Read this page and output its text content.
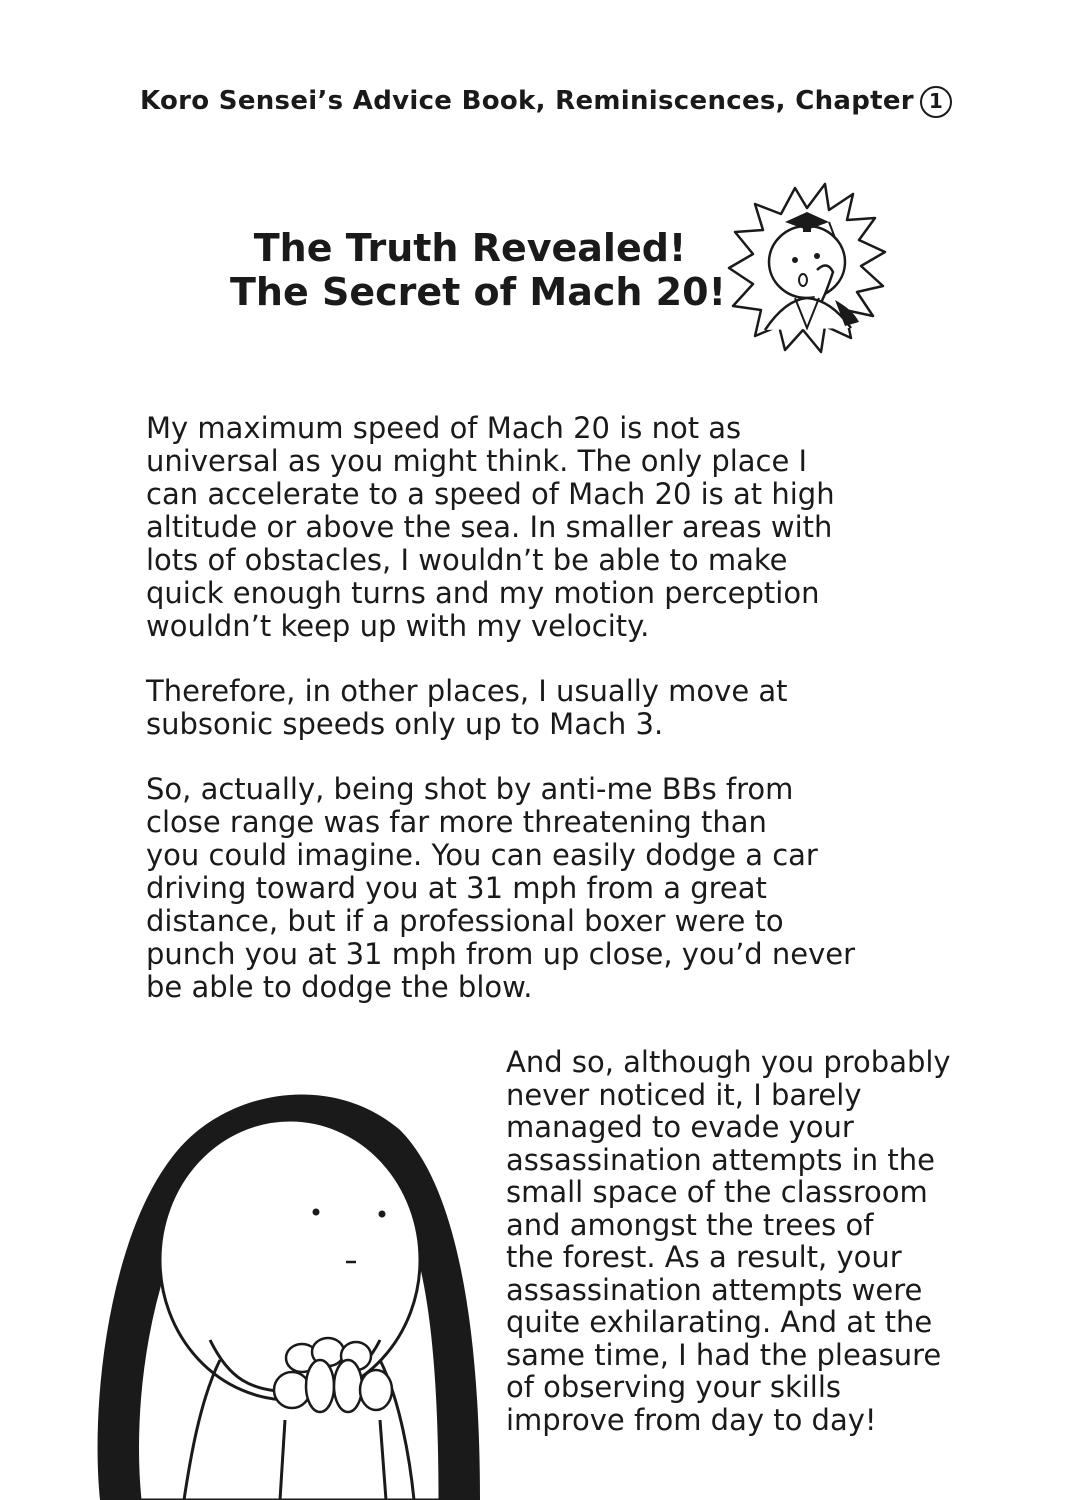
Koro Sensei’s Advice Book, Reminiscences, Chapter 1
The Truth Revealed!
The Secret of Mach 20!

My maximum speed of Mach 20 is not as
universal as you might think. The only place I
can accelerate to a speed of Mach 20 is at high
altitude or above the sea. In smaller areas with
lots of obstacles, I wouldn’t be able to make
quick enough turns and my motion perception
wouldn’t keep up with my velocity.

Therefore, in other places, I usually move at
subsonic speeds only up to Mach 3.

So, actually, being shot by anti-me BBs from
close range was far more threatening than
you could imagine. You can easily dodge a car
driving toward you at 31 mph from a great
distance, but if a professional boxer were to
punch you at 31 mph from up close, you’d never
be able to dodge the blow.

And so, although you probably
never noticed it, I barely
managed to evade your
assassination attempts in the
small space of the classroom
and amongst the trees of
the forest. As a result, your
assassination attempts were
quite exhilarating. And at the
same time, I had the pleasure
of observing your skills
improve from day to day!
